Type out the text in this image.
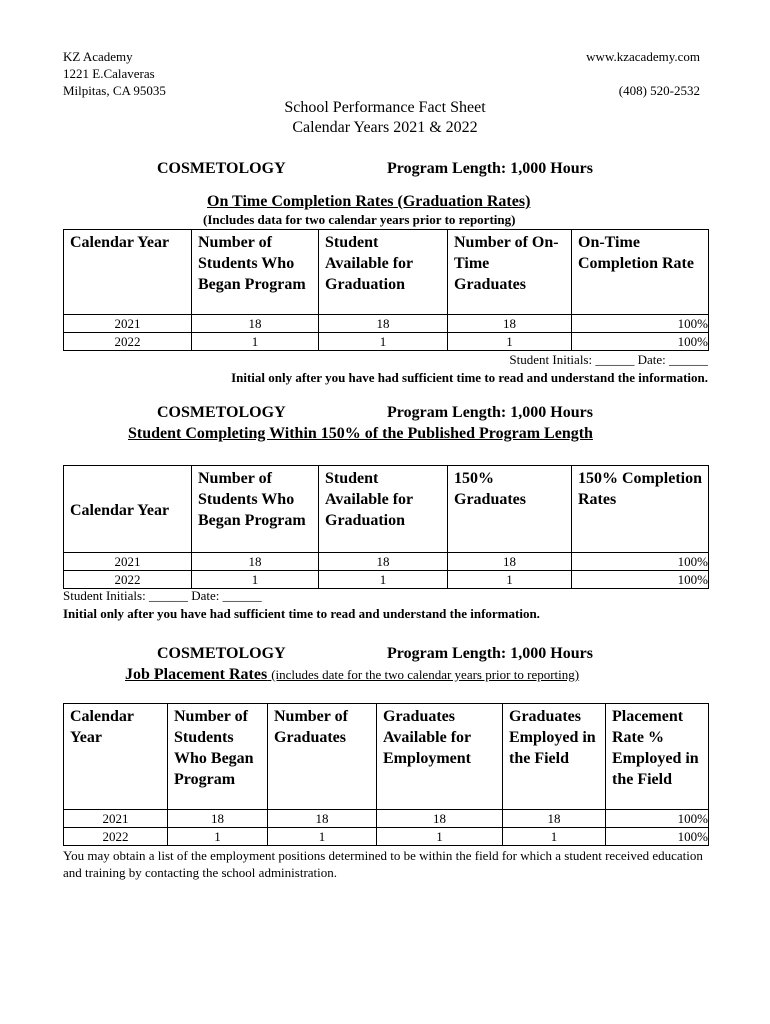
KZ Academy
1221 E.Calaveras
Milpitas, CA 95035
www.kzacademy.com
(408) 520-2532
School Performance Fact Sheet
Calendar Years 2021 & 2022
COSMETOLOGY	Program Length: 1,000 Hours
On Time Completion Rates (Graduation Rates)
(Includes data for two calendar years prior to reporting)
Calendar Year	Number of Students Who Began Program	Student Available for Graduation	Number of On-Time Graduates	On-Time Completion Rate
2021	18	18	18	100%
2022	1	1	1	100%
Student Initials: ______ Date: ______
Initial only after you have had sufficient time to read and understand the information.
COSMETOLOGY	Program Length: 1,000 Hours
Student Completing Within 150% of the Published Program Length
Calendar Year	Number of Students Who Began Program	Student Available for Graduation	150% Graduates	150% Completion Rates
2021	18	18	18	100%
2022	1	1	1	100%
Student Initials: ______ Date: ______
Initial only after you have had sufficient time to read and understand the information.
COSMETOLOGY	Program Length: 1,000 Hours
Job Placement Rates (includes date for the two calendar years prior to reporting)
Calendar Year	Number of Students Who Began Program	Number of Graduates	Graduates Available for Employment	Graduates Employed in the Field	Placement Rate % Employed in the Field
2021	18	18	18	18	100%
2022	1	1	1	1	100%
You may obtain a list of the employment positions determined to be within the field for which a student received education and training by contacting the school administration.
